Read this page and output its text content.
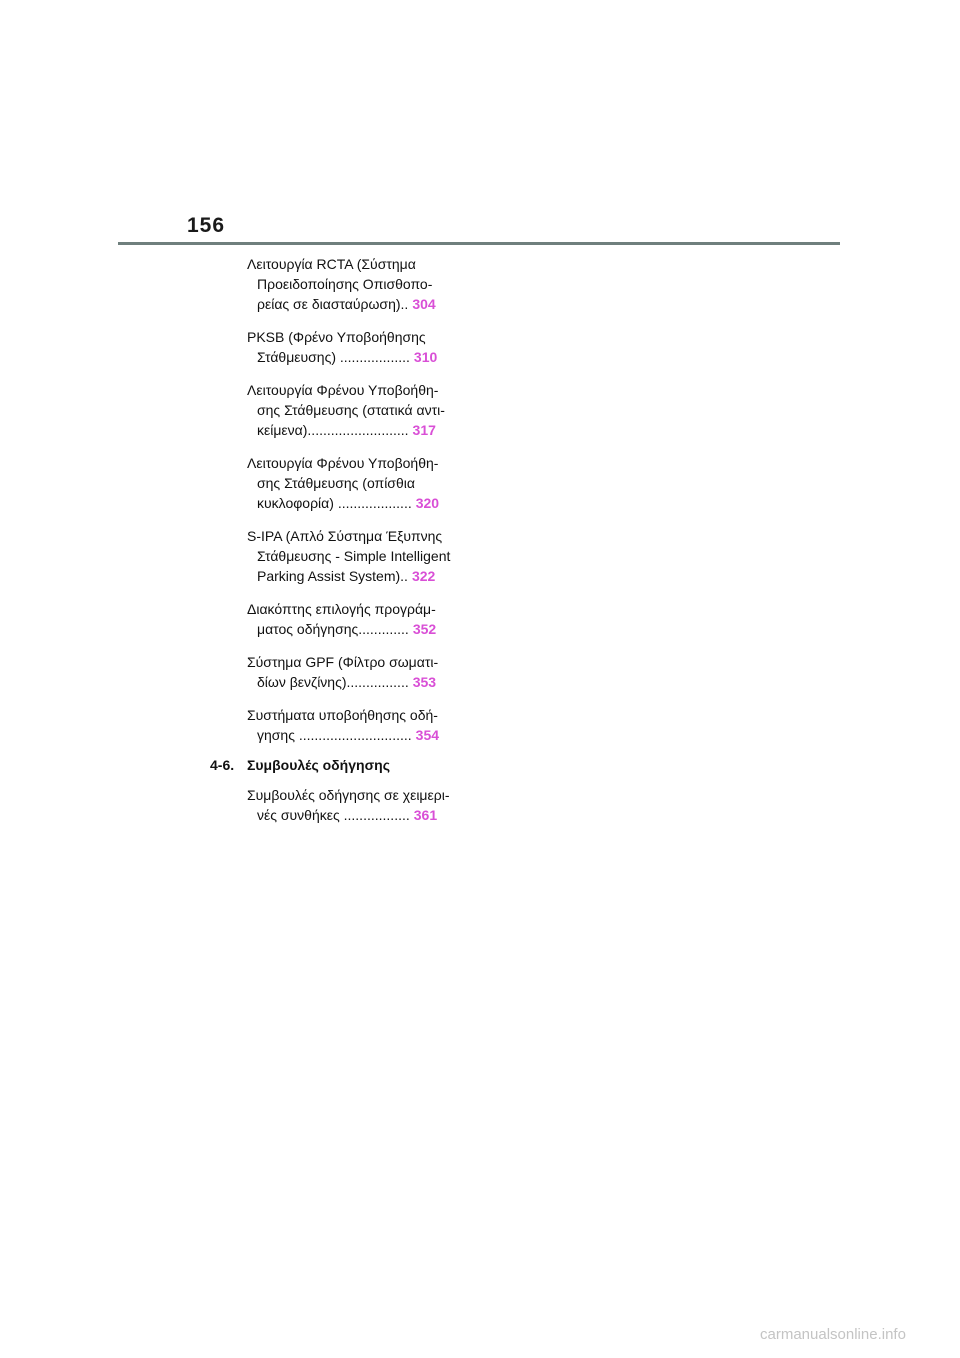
156
Λειτουργία RCTA (Σύστημα
Προειδοποίησης Οπισθοπο-
ρείας σε διασταύρωση).. 304
PKSB (Φρένο Υποβοήθησης
Στάθμευσης) .................. 310
Λειτουργία Φρένου Υποβοήθη-
σης Στάθμευσης (στατικά αντι-
κείμενα).......................... 317
Λειτουργία Φρένου Υποβοήθη-
σης Στάθμευσης (οπίσθια
κυκλοφορία) ................... 320
S-IPA (Απλό Σύστημα Έξυπνης
Στάθμευσης - Simple Intelligent
Parking Assist System).. 322
Διακόπτης επιλογής προγράμ-
ματος οδήγησης............. 352
Σύστημα GPF (Φίλτρο σωματι-
δίων βενζίνης)................ 353
Συστήματα υποβοήθησης οδή-
γησης ............................. 354
4-6. Συμβουλές οδήγησης
Συμβουλές οδήγησης σε χειμερι-
νές συνθήκες ................. 361
carmanualsonline.info
